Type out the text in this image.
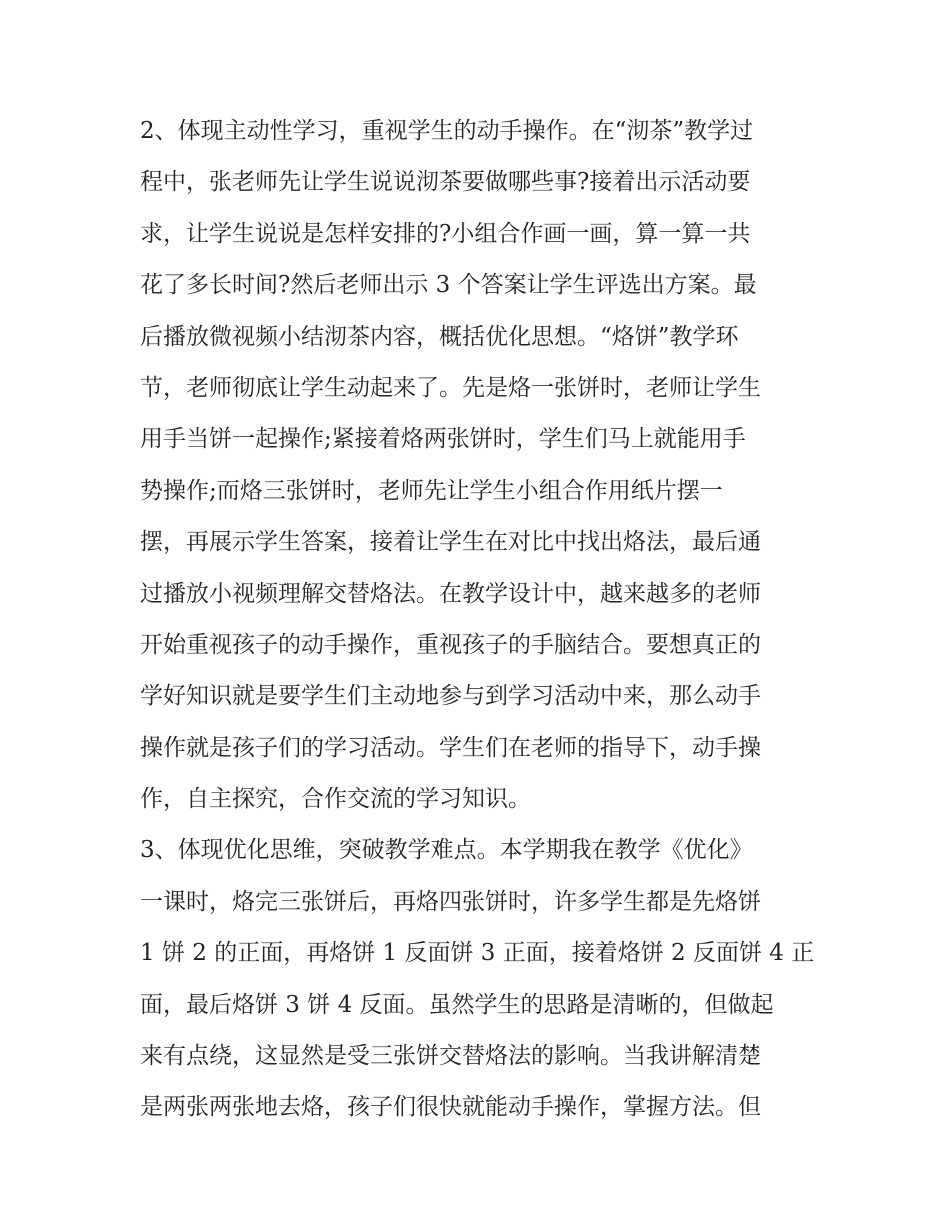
2、体现主动性学习，重视学生的动手操作。在“沏茶”教学过
程中，张老师先让学生说说沏茶要做哪些事?接着出示活动要
求，让学生说说是怎样安排的?小组合作画一画，算一算一共
花了多长时间?然后老师出示 3 个答案让学生评选出方案。最
后播放微视频小结沏茶内容，概括优化思想。“烙饼”教学环
节，老师彻底让学生动起来了。先是烙一张饼时，老师让学生
用手当饼一起操作;紧接着烙两张饼时，学生们马上就能用手
势操作;而烙三张饼时，老师先让学生小组合作用纸片摆一
摆，再展示学生答案，接着让学生在对比中找出烙法，最后通
过播放小视频理解交替烙法。在教学设计中，越来越多的老师
开始重视孩子的动手操作，重视孩子的手脑结合。要想真正的
学好知识就是要学生们主动地参与到学习活动中来，那么动手
操作就是孩子们的学习活动。学生们在老师的指导下，动手操
作，自主探究，合作交流的学习知识。
3、体现优化思维，突破教学难点。本学期我在教学《优化》
一课时，烙完三张饼后，再烙四张饼时，许多学生都是先烙饼
1 饼 2 的正面，再烙饼 1 反面饼 3 正面，接着烙饼 2 反面饼 4 正
面，最后烙饼 3 饼 4 反面。虽然学生的思路是清晰的，但做起
来有点绕，这显然是受三张饼交替烙法的影响。当我讲解清楚
是两张两张地去烙，孩子们很快就能动手操作，掌握方法。但
